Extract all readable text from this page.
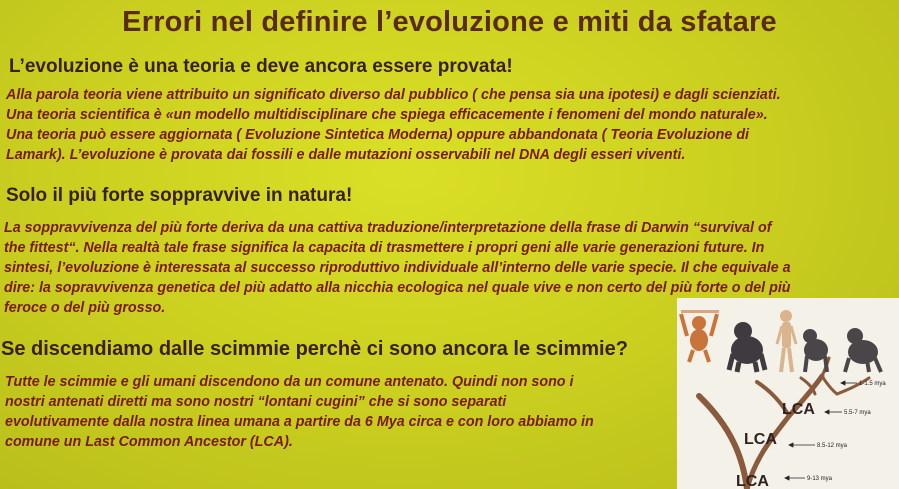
Errori nel definire l’evoluzione e miti da sfatare
L’evoluzione è una teoria e deve ancora essere provata!

Alla parola teoria viene attribuito un significato diverso dal pubblico ( che pensa sia una ipotesi) e dagli scienziati.
Una teoria scientifica è «un modello multidisciplinare che spiega efficacemente i fenomeni del mondo naturale».
Una teoria può essere aggiornata ( Evoluzione Sintetica Moderna) oppure abbandonata ( Teoria Evoluzione di
Lamark). L’evoluzione è provata dai fossili e dalle mutazioni osservabili nel DNA degli esseri viventi.

Solo il più forte soppravvive in natura!

La soppravvivenza del più forte deriva da una cattiva traduzione/interpretazione della frase di Darwin “survival of
the fittest“. Nella realtà tale frase significa la capacita di trasmettere i propri geni alle varie generazioni future. In
sintesi, l’evoluzione è interessata al successo riproduttivo individuale all’interno delle varie specie. Il che equivale a
dire: la sopravvivenza genetica del più adatto alla nicchia ecologica nel quale vive e non certo del più forte o del più
feroce o del più grosso.

Se discendiamo dalle scimmie perchè ci sono ancora le scimmie?

Tutte le scimmie e gli umani discendono da un comune antenato. Quindi non sono i
nostri antenati diretti ma sono nostri “lontani cugini” che si sono separati
evolutivamente dalla nostra linea umana a partire da 6 Mya circa e con loro abbiamo in
comune un Last Common Ancestor (LCA).

LCA
LCA
LCA
1-1.5 mya
5.5-7 mya
8.5-12 mya
9-13 mya
